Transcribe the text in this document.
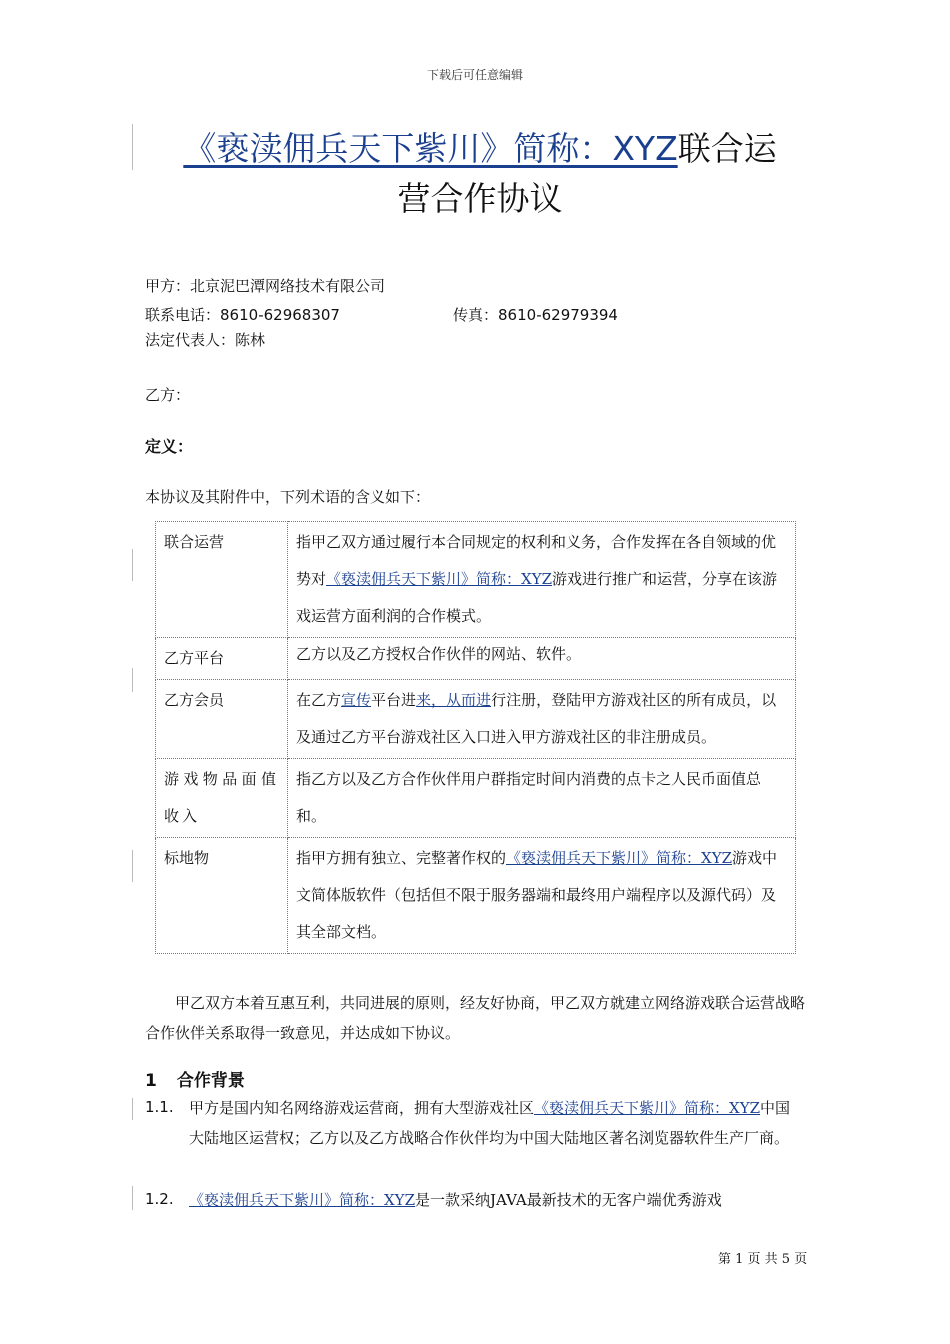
下载后可任意编辑
《亵渎佣兵天下紫川》简称：XYZ联合运
营合作协议
甲方：北京泥巴潭网络技术有限公司
联系电话：8610-62968307	传真：8610-62979394
法定代表人：陈林
乙方：
定义：
本协议及其附件中，下列术语的含义如下：
联合运营	指甲乙双方通过履行本合同规定的权利和义务，合作发挥在各自领域的优势对《亵渎佣兵天下紫川》简称：XYZ游戏进行推广和运营，分享在该游戏运营方面利润的合作模式。
乙方平台	乙方以及乙方授权合作伙伴的网站、软件。
乙方会员	在乙方宣传平台进来，从而进行注册，登陆甲方游戏社区的所有成员，以及通过乙方平台游戏社区入口进入甲方游戏社区的非注册成员。
游戏物品面值收入	指乙方以及乙方合作伙伴用户群指定时间内消费的点卡之人民币面值总和。
标地物	指甲方拥有独立、完整著作权的《亵渎佣兵天下紫川》简称：XYZ游戏中文简体版软件（包括但不限于服务器端和最终用户端程序以及源代码）及其全部文档。
甲乙双方本着互惠互利，共同进展的原则，经友好协商，甲乙双方就建立网络游戏联合运营战略合作伙伴关系取得一致意见，并达成如下协议。
1 合作背景
1.1. 甲方是国内知名网络游戏运营商，拥有大型游戏社区《亵渎佣兵天下紫川》简称：XYZ中国大陆地区运营权；乙方以及乙方战略合作伙伴均为中国大陆地区著名浏览器软件生产厂商。
1.2. 《亵渎佣兵天下紫川》简称：XYZ是一款采纳JAVA最新技术的无客户端优秀游戏
第 1 页 共 5 页
